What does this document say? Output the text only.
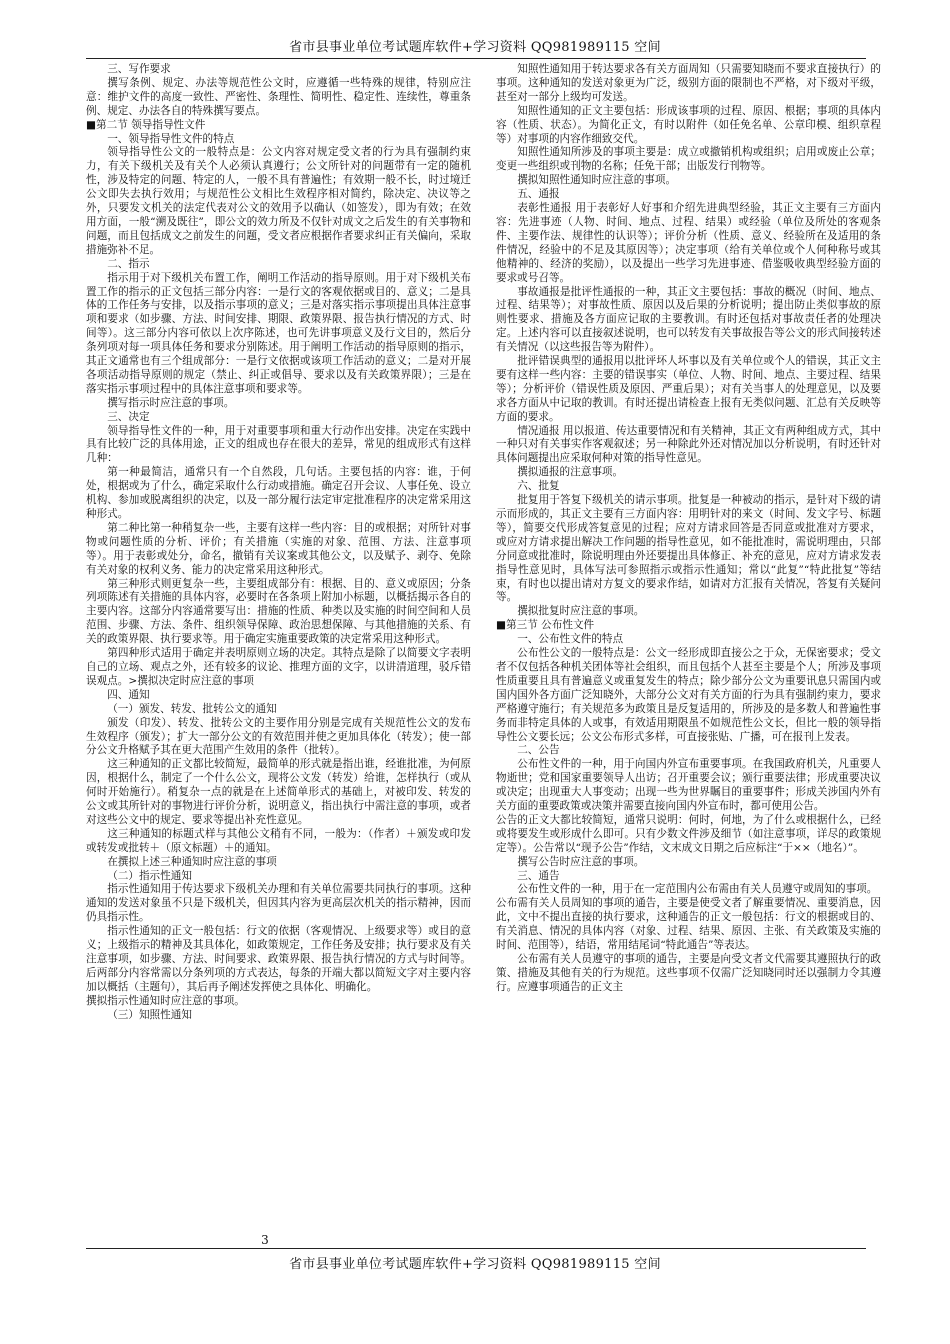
省市县事业单位考试题库软件+学习资料 QQ981989115 空间

三、写作要求

撰写条例、规定、办法等规范性公文时，应遵循一些特殊的规律，特别应注意：维护文件的高度一致性、严密性、条理性、简明性、稳定性、连续性，尊重条例、规定、办法各自的特殊撰写要点。

■第二节 领导指导性文件

一、领导指导性文件的特点

领导指导性公文的一般特点是：公文内容对规定受文者的行为具有强制约束力，有关下级机关及有关个人必须认真遵行；公文所针对的问题带有一定的随机性，涉及特定的问题、特定的人，一般不具有普遍性；有效期一般不长，时过境迁公文即失去执行效用；与规范性公文相比生效程序相对简约，除决定、决议等之外，只要发文机关的法定代表对公文的效用予以确认（如签发），即为有效；在效用方面，一般“溯及既往”，即公文的效力所及不仅针对成文之后发生的有关事物和问题，而且包括成文之前发生的问题，受文者应根据作者要求纠正有关偏向，采取措施弥补不足。

二、指示

指示用于对下级机关布置工作，阐明工作活动的指导原则。用于对下级机关布置工作的指示的正文包括三部分内容：一是行文的客观依据或目的、意义；二是具体的工作任务与安排，以及指示事项的意义；三是对落实指示事项提出具体注意事项和要求（如步骤、方法、时间安排、期限、政策界限、报告执行情况的方式、时间等）。这三部分内容可依以上次序陈述，也可先讲事项意义及行文目的，然后分条列项对每一项具体任务和要求分别陈述。用于阐明工作活动的指导原则的指示，其正文通常也有三个组成部分：一是行文依据或该项工作活动的意义；二是对开展各项活动指导原则的规定（禁止、纠正或倡导、要求以及有关政策界限）；三是在落实指示事项过程中的具体注意事项和要求等。

撰写指示时应注意的事项。

三、决定

领导指导性文件的一种，用于对重要事项和重大行动作出安排。决定在实践中具有比较广泛的具体用途，正文的组成也存在很大的差异，常见的组成形式有这样几种：

第一种最简洁，通常只有一个自然段，几句话。主要包括的内容：谁，于何处，根据或为了什么，确定采取什么行动或措施。确定召开会议、人事任免、设立机构、参加或脱离组织的决定，以及一部分履行法定审定批准程序的决定常采用这种形式。

第二种比第一种稍复杂一些，主要有这样一些内容：目的或根据；对所针对事物或问题性质的分析、评价；有关措施（实施的对象、范围、方法、注意事项等）。用于表彰或处分，命名，撤销有关议案或其他公文，以及赋予、剥夺、免除有关对象的权利义务、能力的决定常采用这种形式。

第三种形式则更复杂一些，主要组成部分有：根据、目的、意义或原因；分条列项陈述有关措施的具体内容，必要时在各条项上附加小标题，以概括揭示各自的主要内容。这部分内容通常要写出：措施的性质、种类以及实施的时间空间和人员范围、步骤、方法、条件、组织领导保障、政治思想保障、与其他措施的关系、有关的政策界限、执行要求等。用于确定实施重要政策的决定常采用这种形式。

第四种形式适用于确定并表明原则立场的决定。其特点是除了以简要文字表明自己的立场、观点之外，还有较多的议论、推理方面的文字，以讲清道理，驳斥错误观点。>撰拟决定时应注意的事项

四、通知

（一）颁发、转发、批转公文的通知

颁发（印发）、转发、批转公文的主要作用分别是完成有关规范性公文的发布生效程序（颁发）；扩大一部分公文的有效范围并使之更加具体化（转发）；使一部分公文升格赋予其在更大范围产生效用的条件（批转）。

这三种通知的正文都比较简短，最简单的形式就是指出谁，经谁批准，为何原因，根据什么，制定了一个什么公文，现将公文发（转发）给谁，怎样执行（或从何时开始施行）。稍复杂一点的就是在上述简单形式的基础上，对被印发、转发的公文或其所针对的事物进行评价分析，说明意义，指出执行中需注意的事项，或者对这些公文中的规定、要求等提出补充性意见。

这三种通知的标题式样与其他公文稍有不同，一般为：（作者）＋颁发或印发或转发或批转＋（原文标题）＋的通知。

在撰拟上述三种通知时应注意的事项

（二）指示性通知

指示性通知用于传达要求下级机关办理和有关单位需要共同执行的事项。这种通知的发送对象虽不只是下级机关，但因其内容为更高层次机关的指示精神，因而仍具指示性。

指示性通知的正文一般包括：行文的依据（客观情况、上级要求等）或目的意义；上级指示的精神及其具体化，如政策规定，工作任务及安排；执行要求及有关注意事项，如步骤、方法、时间要求、政策界限、报告执行情况的方式与时间等。后两部分内容常需以分条列项的方式表达，每条的开端大都以简短文字对主要内容加以概括（主题句），其后再予阐述发挥使之具体化、明确化。

撰拟指示性通知时应注意的事项。

（三）知照性通知

知照性通知用于转达要求各有关方面周知（只需要知晓而不要求直接执行）的事项。这种通知的发送对象更为广泛，级别方面的限制也不严格，对下级对平级，甚至对一部分上级均可发送。

知照性通知的正文主要包括：形成该事项的过程、原因、根据；事项的具体内容（性质、状态）。为简化正文，有时以附件（如任免名单、公章印模、组织章程等）对事项的内容作细致交代。

知照性通知所涉及的事项主要是：成立或撤销机构或组织；启用或废止公章；变更一些组织或刊物的名称；任免干部；出版发行刊物等。

撰拟知照性通知时应注意的事项。

五、通报

表彰性通报 用于表彰好人好事和介绍先进典型经验，其正文主要有三方面内容：先进事迹（人物、时间、地点、过程、结果）或经验（单位及所处的客观条件、主要作法、规律性的认识等）；评价分析（性质、意义、经验所在及适用的条件情况，经验中的不足及其原因等）；决定事项（给有关单位或个人何种称号或其他精神的、经济的奖励），以及提出一些学习先进事迹、借鉴吸收典型经验方面的要求或号召等。

事故通报是批评性通报的一种，其正文主要包括：事故的概况（时间、地点、过程、结果等）；对事故性质、原因以及后果的分析说明；提出防止类似事故的原则性要求、措施及各方面应记取的主要教训。有时还包括对事故责任者的处理决定。上述内容可以直接叙述说明，也可以转发有关事故报告等公文的形式间接转述有关情况（以这些报告等为附件）。

批评错误典型的通报用以批评坏人坏事以及有关单位或个人的错误，其正文主要有这样一些内容：主要的错误事实（单位、人物、时间、地点、主要过程、结果等）；分析评价（错误性质及原因、严重后果）；对有关当事人的处理意见，以及要求各方面从中记取的教训。有时还提出请检查上报有无类似问题、汇总有关反映等方面的要求。

情况通报 用以报道、传达重要情况和有关精神，其正文有两种组成方式，其中一种只对有关事实作客观叙述；另一种除此外还对情况加以分析说明，有时还针对具体问题提出应采取何种对策的指导性意见。

撰拟通报的注意事项。

六、批复

批复用于答复下级机关的请示事项。批复是一种被动的指示，是针对下级的请示而形成的，其正文主要有三方面内容：用明针对的来文（时间、发文字号、标题等），简要交代形成答复意见的过程；应对方请求回答是否同意或批准对方要求，或应对方请求提出解决工作问题的指导性意见，如不能批准时，需说明理由，只部分同意或批准时，除说明理由外还要提出具体修正、补充的意见，应对方请求发表指导性意见时，具体写法可参照指示或指示性通知；常以“此复”“特此批复”等结束，有时也以提出请对方复文的要求作结，如请对方汇报有关情况，答复有关疑问等。

撰拟批复时应注意的事项。

■第三节 公布性文件

一、公布性文件的特点

公布性公文的一般特点是：公文一经形成即直接公之于众，无保密要求；受文者不仅包括各种机关团体等社会组织，而且包括个人甚至主要是个人；所涉及事项性质重要且具有普遍意义或重复发生的特点；除少部分公文为重要讯息只需国内或国内国外各方面广泛知晓外，大部分公文对有关方面的行为具有强制约束力，要求严格遵守施行；有关规范多为政策且是反复适用的，所涉及的是多数人和普遍性事务而非特定具体的人或事，有效适用期限虽不如规范性公文长，但比一般的领导指导性公文要长远；公文公布形式多样，可直接张贴、广播，可在报刊上发表。

二、公告

公布性文件的一种，用于向国内外宣布重要事项。在我国政府机关，凡重要人物逝世；党和国家重要领导人出访；召开重要会议；颁行重要法律；形成重要决议或决定；出现重大人事变动；出现一些为世界瞩目的重要事件；形成关涉国内外有关方面的重要政策或决策并需要直接向国内外宣布时，都可使用公告。

公告的正文大都比较简短，通常只说明：何时，何地，为了什么或根据什么，已经或将要发生或形成什么即可。只有少数文件涉及细节（如注意事项，详尽的政策规定等）。公告常以“现予公告”作结，文末成文日期之后应标注“于××（地名）”。

撰写公告时应注意的事项。

三、通告

公布性文件的一种，用于在一定范围内公布需由有关人员遵守或周知的事项。

公布需有关人员周知的事项的通告，主要是使受文者了解重要情况、重要消息，因此，文中不提出直接的执行要求，这种通告的正文一般包括：行文的根据或目的、有关消息、情况的具体内容（对象、过程、结果、原因、主张、有关政策及实施的时间、范围等），结语，常用结尾词“特此通告”等表达。

公布需有关人员遵守的事项的通告，主要是向受文者文代需要其遵照执行的政策、措施及其他有关的行为规范。这些事项不仅需广泛知晓同时还以强制力令其遵行。应遵事项通告的正文主

3
省市县事业单位考试题库软件+学习资料 QQ981989115 空间
